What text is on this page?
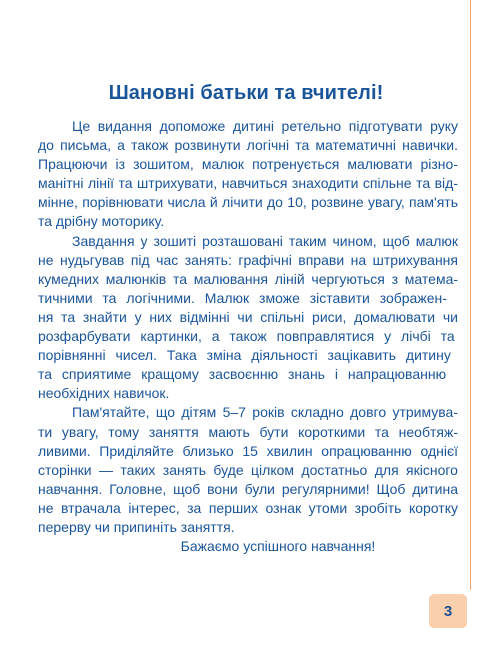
Шановні батьки та вчителі!

Це видання допоможе дитині ретельно підготувати руку
до письма, а також розвинути логічні та математичні навички.
Працюючи із зошитом, малюк потренується малювати різно-
манітні лінії та штрихувати, навчиться знаходити спільне та від-
мінне, порівнювати числа й лічити до 10, розвине увагу, пам'ять
та дрібну моторику.

Завдання у зошиті розташовані таким чином, щоб малюк
не нудьгував під час занять: графічні вправи на штрихування
кумедних малюнків та малювання ліній чергуються з матема-
тичними та логічними. Малюк зможе зіставити зображен-
ня та знайти у них відмінні чи спільні риси, домалювати чи
розфарбувати картинки, а також повправлятися у лічбі та
порівнянні чисел. Така зміна діяльності зацікавить дитину
та сприятиме кращому засвоєнню знань і напрацюванню
необхідних навичок.

Пам'ятайте, що дітям 5–7 років складно довго утримува-
ти увагу, тому заняття мають бути короткими та необтяж-
ливими. Приділяйте близько 15 хвилин опрацюванню однієї
сторінки — таких занять буде цілком достатньо для якісного
навчання. Головне, щоб вони були регулярними! Щоб дитина
не втрачала інтерес, за перших ознак утоми зробіть коротку
перерву чи припиніть заняття.

Бажаємо успішного навчання!

3
